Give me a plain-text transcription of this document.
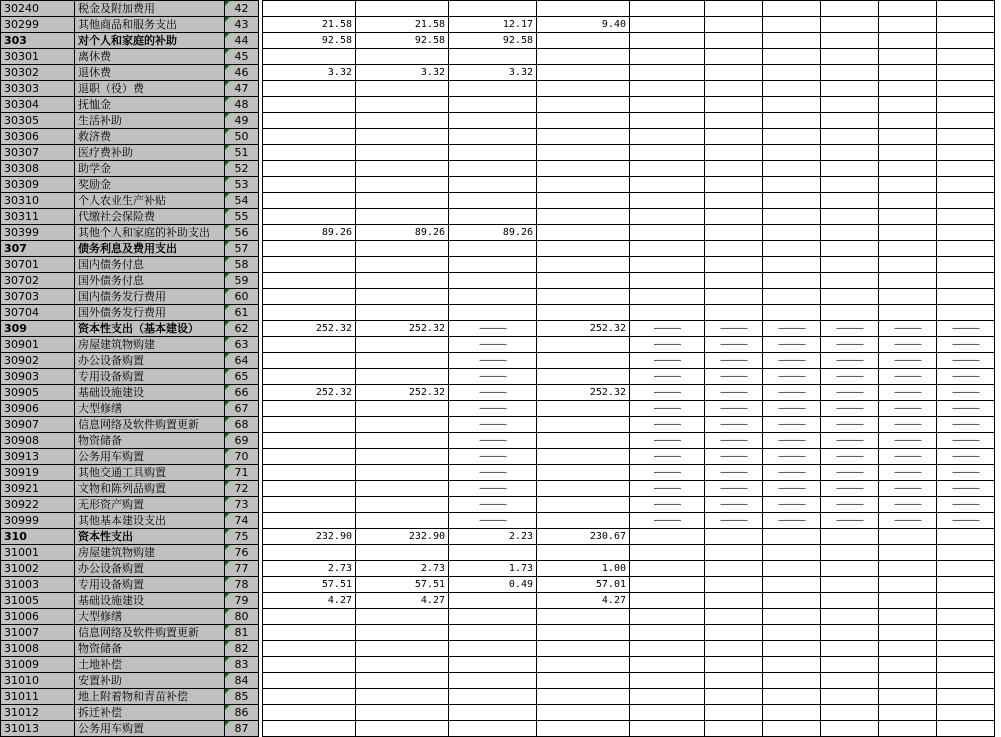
30240	税金及附加费用	42											
30299	其他商品和服务支出	43		21.58	21.58	12.17	9.40						
303	对个人和家庭的补助	44		92.58	92.58	92.58							
30301	离休费	45											
30302	退休费	46		3.32	3.32	3.32							
30303	退职（役）费	47											
30304	抚恤金	48											
30305	生活补助	49											
30306	救济费	50											
30307	医疗费补助	51											
30308	助学金	52											
30309	奖励金	53											
30310	个人农业生产补贴	54											
30311	代缴社会保险费	55											
30399	其他个人和家庭的补助支出	56		89.26	89.26	89.26							
307	债务利息及费用支出	57											
30701	国内债务付息	58											
30702	国外债务付息	59											
30703	国内债务发行费用	60											
30704	国外债务发行费用	61											
309	资本性支出（基本建设）	62		252.32	252.32	———	252.32	———	———	———	———	———	———
30901	房屋建筑物购建	63				———		———	———	———	———	———	———
30902	办公设备购置	64				———		———	———	———	———	———	———
30903	专用设备购置	65				———		———	———	———	———	———	———
30905	基础设施建设	66		252.32	252.32	———	252.32	———	———	———	———	———	———
30906	大型修缮	67				———		———	———	———	———	———	———
30907	信息网络及软件购置更新	68				———		———	———	———	———	———	———
30908	物资储备	69				———		———	———	———	———	———	———
30913	公务用车购置	70				———		———	———	———	———	———	———
30919	其他交通工具购置	71				———		———	———	———	———	———	———
30921	文物和陈列品购置	72				———		———	———	———	———	———	———
30922	无形资产购置	73				———		———	———	———	———	———	———
30999	其他基本建设支出	74				———		———	———	———	———	———	———
310	资本性支出	75		232.90	232.90	2.23	230.67						
31001	房屋建筑物购建	76											
31002	办公设备购置	77		2.73	2.73	1.73	1.00						
31003	专用设备购置	78		57.51	57.51	0.49	57.01						
31005	基础设施建设	79		4.27	4.27		4.27						
31006	大型修缮	80											
31007	信息网络及软件购置更新	81											
31008	物资储备	82											
31009	土地补偿	83											
31010	安置补助	84											
31011	地上附着物和青苗补偿	85											
31012	拆迁补偿	86											
31013	公务用车购置	87											
